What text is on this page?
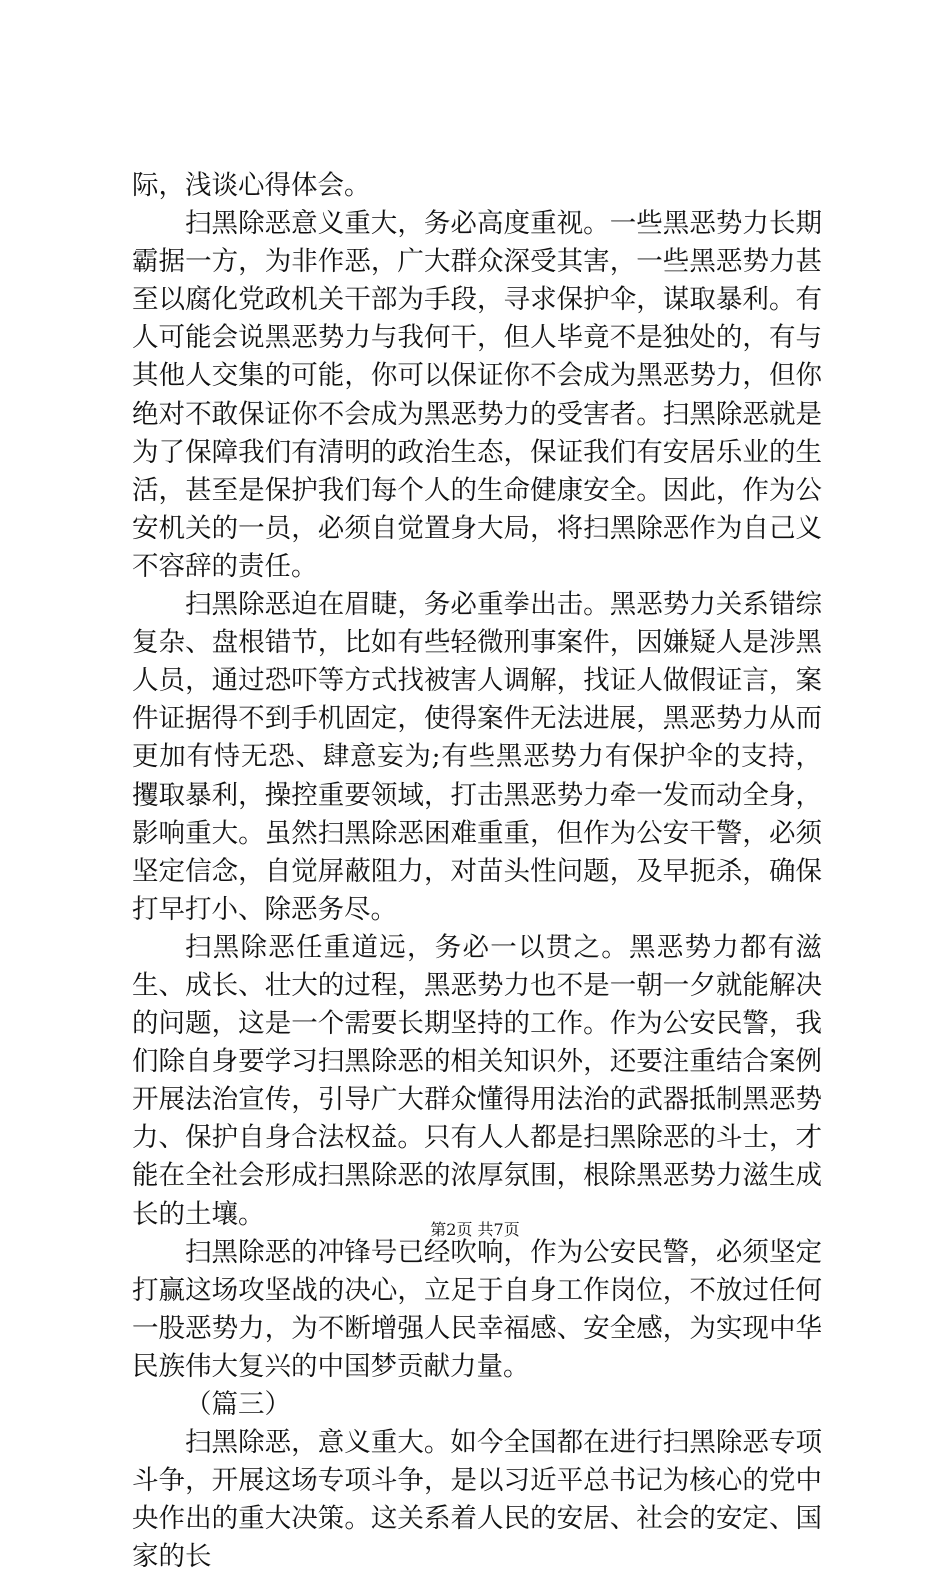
际，浅谈心得体会。

扫黑除恶意义重大，务必高度重视。一些黑恶势力长期霸据一方，为非作恶，广大群众深受其害，一些黑恶势力甚至以腐化党政机关干部为手段，寻求保护伞，谋取暴利。有人可能会说黑恶势力与我何干，但人毕竟不是独处的，有与其他人交集的可能，你可以保证你不会成为黑恶势力，但你绝对不敢保证你不会成为黑恶势力的受害者。扫黑除恶就是为了保障我们有清明的政治生态，保证我们有安居乐业的生活，甚至是保护我们每个人的生命健康安全。因此，作为公安机关的一员，必须自觉置身大局，将扫黑除恶作为自己义不容辞的责任。

扫黑除恶迫在眉睫，务必重拳出击。黑恶势力关系错综复杂、盘根错节，比如有些轻微刑事案件，因嫌疑人是涉黑人员，通过恐吓等方式找被害人调解，找证人做假证言，案件证据得不到手机固定，使得案件无法进展，黑恶势力从而更加有恃无恐、肆意妄为;有些黑恶势力有保护伞的支持，攫取暴利，操控重要领域，打击黑恶势力牵一发而动全身，影响重大。虽然扫黑除恶困难重重，但作为公安干警，必须坚定信念，自觉屏蔽阻力，对苗头性问题，及早扼杀，确保打早打小、除恶务尽。

扫黑除恶任重道远，务必一以贯之。黑恶势力都有滋生、成长、壮大的过程，黑恶势力也不是一朝一夕就能解决的问题，这是一个需要长期坚持的工作。作为公安民警，我们除自身要学习扫黑除恶的相关知识外，还要注重结合案例开展法治宣传，引导广大群众懂得用法治的武器抵制黑恶势力、保护自身合法权益。只有人人都是扫黑除恶的斗士，才能在全社会形成扫黑除恶的浓厚氛围，根除黑恶势力滋生成长的土壤。

扫黑除恶的冲锋号已经吹响，作为公安民警，必须坚定打赢这场攻坚战的决心，立足于自身工作岗位，不放过任何一股恶势力，为不断增强人民幸福感、安全感，为实现中华民族伟大复兴的中国梦贡献力量。

（篇三）

扫黑除恶，意义重大。如今全国都在进行扫黑除恶专项斗争，开展这场专项斗争，是以习近平总书记为核心的党中央作出的重大决策。这关系着人民的安居、社会的安定、国家的长

第2页 共7页
